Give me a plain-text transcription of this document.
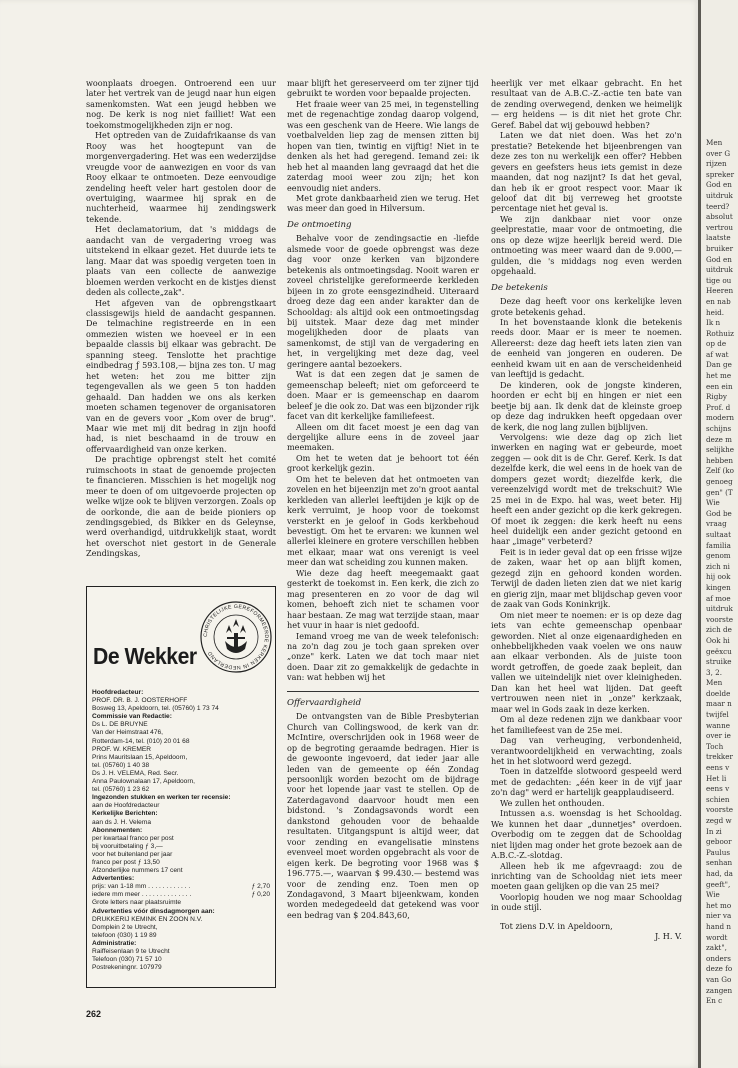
woonplaats droegen. Ontroerend een uur later het vertrek van de jeugd naar hun eigen samenkomsten. Wat een jeugd hebben we nog. De kerk is nog niet failliet! Wat een toekomstmogelijkheden zijn er nog.

Het optreden van de Zuidafrikaanse ds van Rooy was het hoogtepunt van de morgenvergadering. Het was een wederzijdse vreugde voor de aanwezigen en voor ds van Rooy elkaar te ontmoeten. Deze eenvoudige zendeling heeft veler hart gestolen door de overtuiging, waarmee hij sprak en de nuchterheid, waarmee hij zendingswerk tekende.

Het declamatorium, dat 's middags de aandacht van de vergadering vroeg was uitstekend in elkaar gezet. Het duurde iets te lang. Maar dat was spoedig vergeten toen in plaats van een collecte de aanwezige bloemen werden verkocht en de kistjes dienst deden als collecte„zak".

Het afgeven van de opbrengstkaart classisgewijs hield de aandacht gespannen. De telmachine registreerde en in een ommezien wisten we hoeveel er in een bepaalde classis bij elkaar was gebracht. De spanning steeg. Tenslotte het prachtige eindbedrag ƒ 593.108,— bijna zes ton. U mag het weten: het zou me bitter zijn tegengevallen als we geen 5 ton hadden gehaald. Dan hadden we ons als kerken moeten schamen tegenover de organisatoren van en de gevers voor „Kom over de brug". Maar wie met mij dit bedrag in zijn hoofd had, is niet beschaamd in de trouw en offervaardigheid van onze kerken.

De prachtige opbrengst stelt het comité ruimschoots in staat de genoemde projecten te financieren. Misschien is het mogelijk nog meer te doen of om uitgevoerde projecten op welke wijze ook te blijven verzorgen. Zoals op de oorkonde, die aan de beide pioniers op zendingsgebied, ds Bikker en ds Geleynse, werd overhandigd, uitdrukkelijk staat, wordt het overschot niet gestort in de Generale Zendingskas,

De Wekker
CHRISTELIJKE GEREFORMEERDE KERKEN IN NEDERLAND
Hoofdredacteur:
PROF. DR. B. J. OOSTERHOFF
Bosweg 13, Apeldoorn, tel. (05760) 1 73 74
Commissie van Redactie:
Ds L. DE BRUYNE
Van der Heimstraat 476,
Rotterdam-14, tel. (010) 20 01 68
PROF. W. KREMER
Prins Mauritslaan 15, Apeldoorn,
tel. (05760) 1 40 38
Ds J. H. VELEMA, Red. Secr.
Anna Paulownalaan 17, Apeldoorn,
tel. (05760) 1 23 62
Ingezonden stukken en werken ter recensie:
aan de Hoofdredacteur
Kerkelijke Berichten:
aan ds J. H. Velema
Abonnementen:
per kwartaal franco per post
bij vooruitbetaling ƒ 3,—
voor het buitenland per jaar
franco per post ƒ 13,50
Afzonderlijke nummers 17 cent
Advertenties:
prijs: van 1-18 mm . . . . . . . . . . . .	ƒ 2,70
iedere mm meer . . . . . . . . . . . . . .	ƒ 0,20
Grote letters naar plaatsruimte
Advertenties vóór dinsdagmorgen aan:
DRUKKERIJ KEMINK EN ZOON N.V.
Domplein 2 te Utrecht,
telefoon (030) 1 19 89
Administratie:
Raiffeisenlaan 9 te Utrecht
Telefoon (030) 71 57 10
Postrekeningnr. 107979

maar blijft het gereserveerd om ter zijner tijd gebruikt te worden voor bepaalde projecten.

Het fraaie weer van 25 mei, in tegenstelling met de regenachtige zondag daarop volgend, was een geschenk van de Heere. Wie langs de voetbalvelden liep zag de mensen zitten bij hopen van tien, twintig en vijftig! Niet in te denken als het had geregend. Iemand zei: ik heb het al maanden lang gevraagd dat het die zaterdag mooi weer zou zijn; het kon eenvoudig niet anders.

Met grote dankbaarheid zien we terug. Het was meer dan goed in Hilversum.

De ontmoeting

Behalve voor de zendingsactie en -liefde alsmede voor de goede opbrengst was deze dag voor onze kerken van bijzondere betekenis als ontmoetingsdag. Nooit waren er zoveel christelijke gereformeerde kerkleden bijeen in zo grote eensgezindheid. Uiteraard droeg deze dag een ander karakter dan de Schooldag: als altijd ook een ontmoetingsdag bij uitstek. Maar deze dag met minder mogelijkheden door de plaats van samenkomst, de stijl van de vergadering en het, in vergelijking met deze dag, veel geringere aantal bezoekers.

Wat is dat een zegen dat je samen de gemeenschap beleeft; niet om geforceerd te doen. Maar er is gemeenschap en daarom beleef je die ook zo. Dat was een bijzonder rijk facet van dit kerkelijke familiefeest.

Alleen om dit facet moest je een dag van dergelijke allure eens in de zoveel jaar meemaken.

Om het te weten dat je behoort tot één groot kerkelijk gezin.

Om het te beleven dat het ontmoeten van zovelen en het bijeenzijn met zo'n groot aantal kerkleden van allerlei leeftijden je kijk op de kerk verruimt, je hoop voor de toekomst versterkt en je geloof in Gods kerkbehoud bevestigt. Om het te ervaren: we kunnen wel allerlei kleinere en grotere verschillen hebben met elkaar, maar wat ons verenigt is veel meer dan wat scheiding zou kunnen maken.

Wie deze dag heeft meegemaakt gaat gesterkt de toekomst in. Een kerk, die zich zo mag presenteren en zo voor de dag wil komen, behoeft zich niet te schamen voor haar bestaan. Ze mag wat terzijde staan, maar het vuur in haar is niet gedoofd.

Iemand vroeg me van de week telefonisch: na zo'n dag zou je toch gaan spreken over „onze" kerk. Laten we dat toch maar niet doen. Daar zit zo gemakkelijk de gedachte in van: wat hebben wij het

Offervaardigheid

De ontvangsten van de Bible Presbyterian Church van Collingswood, de kerk van dr. McIntire, overschrijden ook in 1968 weer de op de begroting geraamde bedragen. Hier is de gewoonte ingevoerd, dat ieder jaar alle leden van de gemeente op één Zondag persoonlijk worden bezocht om de bijdrage voor het lopende jaar vast te stellen. Op de Zaterdagavond daarvoor houdt men een bidstond. 's Zondagsavonds wordt een dankstond gehouden voor de behaalde resultaten. Uitgangspunt is altijd weer, dat voor zending en evangelisatie minstens evenveel moet worden opgebracht als voor de eigen kerk. De begroting voor 1968 was $ 196.775.—, waarvan $ 99.430.— bestemd was voor de zending enz. Toen men op Zondagavond, 3 Maart bijeenkwam, konden worden medegedeeld dat getekend was voor een bedrag van $ 204.843,60,

heerlijk ver met elkaar gebracht. En het resultaat van de A.B.C.-Z.-actie ten bate van de zending overwegend, denken we heimelijk — erg heidens — is dit niet het grote Chr. Geref. Babel dat wij gebouwd hebben?

Laten we dat niet doen. Was het zo'n prestatie? Betekende het bijeenbrengen van deze zes ton nu werkelijk een offer? Hebben gevers en geefsters heus iets gemist in deze maanden, dat nog nazijnt? Is dat het geval, dan heb ik er groot respect voor. Maar ik geloof dat dit bij verreweg het grootste percentage niet het geval is.

We zijn dankbaar niet voor onze geelprestatie, maar voor de ontmoeting, die ons op deze wijze heerlijk bereid werd. Die ontmoeting was meer waard dan de 9.000,— gulden, die 's middags nog even werden opgehaald.

De betekenis

Deze dag heeft voor ons kerkelijke leven grote betekenis gehad.

In het bovenstaande klonk die betekenis reeds door. Maar er is meer te noemen. Allereerst: deze dag heeft iets laten zien van de eenheid van jongeren en ouderen. De eenheid kwam uit en aan de verscheidenheid van leeftijd is gedacht.

De kinderen, ook de jongste kinderen, hoorden er echt bij en hingen er niet een beetje bij aan. Ik denk dat de kleinste groep op deze dag indrukken heeft opgedaan over de kerk, die nog lang zullen bijblijven.

Vervolgens: wie deze dag op zich liet inwerken en naging wat er gebeurde, moet zeggen — ook dit is de Chr. Geref. Kerk. Is dat dezelfde kerk, die wel eens in de hoek van de dompers gezet wordt; diezelfde kerk, die vereenzelvigd wordt met de trekschuit? Wie 25 mei in de Expo. hal was, weet beter. Hij heeft een ander gezicht op die kerk gekregen. Of moet ik zeggen: die kerk heeft nu eens heel duidelijk een ander gezicht getoond en haar „image" verbeterd?

Feit is in ieder geval dat op een frisse wijze de zaken, waar het op aan blijft komen, gezegd zijn en gehoord konden worden. Terwijl de daden lieten zien dat we niet karig en gierig zijn, maar met blijdschap geven voor de zaak van Gods Koninkrijk.

Om niet meer te noemen: er is op deze dag iets van echte gemeenschap openbaar geworden. Niet al onze eigenaardigheden en onhebbelijkheden vaak voelen we ons nauw aan elkaar verbonden. Als de juiste toon wordt getroffen, de goede zaak bepleit, dan vallen we uiteindelijk niet over kleinigheden. Dan kan het heel wat lijden. Dat geeft vertrouwen neen niet in „onze" kerkzaak, maar wel in Gods zaak in deze kerken.

Om al deze redenen zijn we dankbaar voor het familiefeest van de 25e mei.

Dag van verheuging, verbondenheid, verantwoordelijkheid en verwachting, zoals het in het slotwoord werd gezegd.

Toen in datzelfde slotwoord gespeeld werd met de gedachten: „één keer in de vijf jaar zo'n dag" werd er hartelijk geapplaudiseerd.

We zullen het onthouden.

Intussen a.s. woensdag is het Schooldag. We kunnen het daar „dunnetjes" overdoen. Overbodig om te zeggen dat de Schooldag niet lijden mag onder het grote bezoek aan de A.B.C.-Z.-slotdag.

Alleen heb ik me afgevraagd: zou de inrichting van de Schooldag niet iets meer moeten gaan gelijken op die van 25 mei?

Voorlopig houden we nog maar Schooldag in oude stijl.

Tot ziens D.V. in Apeldoorn,

J. H. V.

262
Men
over G
rijzen
spreker
God en
uitdruk
teerd?
absolut
vertrou
laatste
bruiker
God en
uitdruk
tige ou
Heeren
en nab
heid.
Ik n
Rothuiz
op de
af wat
Dan ge
het me
een ein
Rigby
Prof. d
modern
schijns
deze m
selijkhe
hebben
Zelf (ko
genoeg
gen" (T
Wie
God be
vraag
sultaat
familia
genom
zich ni
hij ook
kingen
af moe
uitdruk
voorste
zich de
Ook hi
geëxcu
struike
3, 2.
Men
doelde
maar n
twijfel
wanne
over ie
Toch
trekker
eens v
Het li
eens v
schien
voorste
zegd w
In zi
geboor
Paulus
senhan
had, da
geeft",
Wie
het mo
nier va
hand n
wordt
zakt",
onders
deze fo
van Go
zangen
En c
